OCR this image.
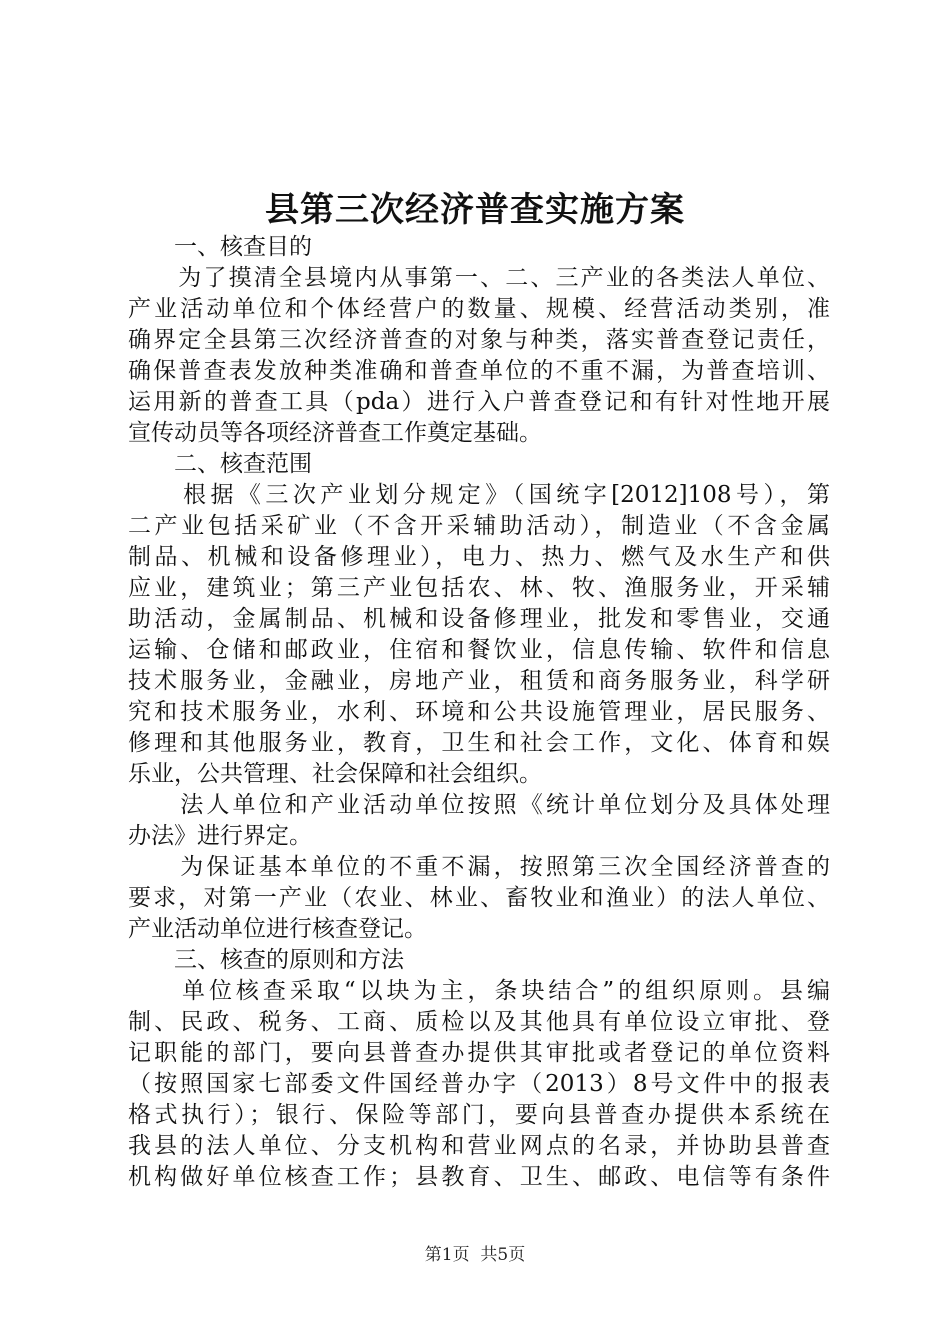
县第三次经济普查实施方案
　　一、核查目的
　　为了摸清全县境内从事第一、二、三产业的各类法人单位、
产业活动单位和个体经营户的数量、规模、经营活动类别，准
确界定全县第三次经济普查的对象与种类，落实普查登记责任，
确保普查表发放种类准确和普查单位的不重不漏，为普查培训、
运用新的普查工具（pda）进行入户普查登记和有针对性地开展
宣传动员等各项经济普查工作奠定基础。
　　二、核查范围
　　根据《三次产业划分规定》（国统字[2012]108号），第
二产业包括采矿业（不含开采辅助活动），制造业（不含金属
制品、机械和设备修理业），电力、热力、燃气及水生产和供
应业，建筑业；第三产业包括农、林、牧、渔服务业，开采辅
助活动，金属制品、机械和设备修理业，批发和零售业，交通
运输、仓储和邮政业，住宿和餐饮业，信息传输、软件和信息
技术服务业，金融业，房地产业，租赁和商务服务业，科学研
究和技术服务业，水利、环境和公共设施管理业，居民服务、
修理和其他服务业，教育，卫生和社会工作，文化、体育和娱
乐业，公共管理、社会保障和社会组织。
　　法人单位和产业活动单位按照《统计单位划分及具体处理
办法》进行界定。
　　为保证基本单位的不重不漏，按照第三次全国经济普查的
要求，对第一产业（农业、林业、畜牧业和渔业）的法人单位、
产业活动单位进行核查登记。
　　三、核查的原则和方法
　　单位核查采取“以块为主，条块结合”的组织原则。县编
制、民政、税务、工商、质检以及其他具有单位设立审批、登
记职能的部门，要向县普查办提供其审批或者登记的单位资料
（按照国家七部委文件国经普办字（2013）8号文件中的报表
格式执行）；银行、保险等部门，要向县普查办提供本系统在
我县的法人单位、分支机构和营业网点的名录，并协助县普查
机构做好单位核查工作；县教育、卫生、邮政、电信等有条件
第1页  共5页
